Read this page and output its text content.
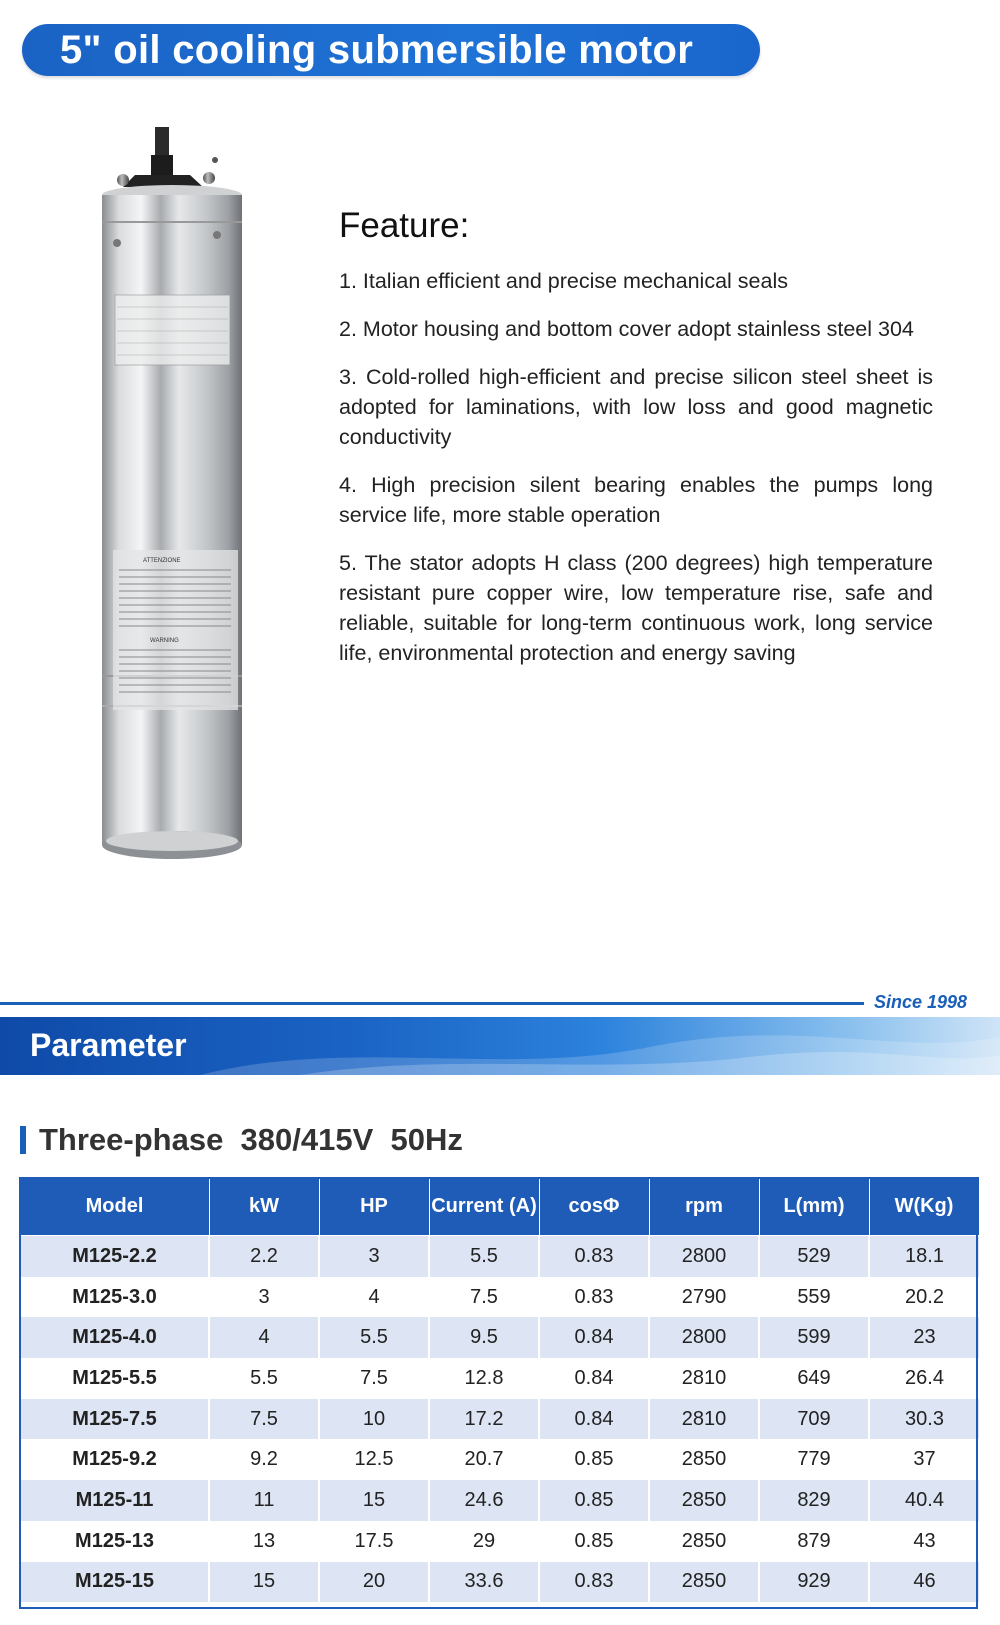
5" oil cooling submersible motor
ATTENZIONE
WARNING
Feature:
1. Italian efficient and precise mechanical seals
2. Motor housing and bottom cover adopt stainless steel 304
3. Cold-rolled high-efficient and precise silicon steel sheet is adopted for laminations, with low loss and good magnetic conductivity
4. High precision silent bearing enables the pumps long service life, more stable operation
5. The stator adopts H class (200 degrees) high temperature resistant pure copper wire, low temperature rise, safe and reliable, suitable for long-term continuous work, long service life, environmental protection and energy saving
Since 1998
Parameter
Three-phase  380/415V  50Hz
Model	kW	HP	Current (A)	cosΦ	rpm	L(mm)	W(Kg)
M125-2.2	2.2	3	5.5	0.83	2800	529	18.1
M125-3.0	3	4	7.5	0.83	2790	559	20.2
M125-4.0	4	5.5	9.5	0.84	2800	599	23
M125-5.5	5.5	7.5	12.8	0.84	2810	649	26.4
M125-7.5	7.5	10	17.2	0.84	2810	709	30.3
M125-9.2	9.2	12.5	20.7	0.85	2850	779	37
M125-11	11	15	24.6	0.85	2850	829	40.4
M125-13	13	17.5	29	0.85	2850	879	43
M125-15	15	20	33.6	0.83	2850	929	46
